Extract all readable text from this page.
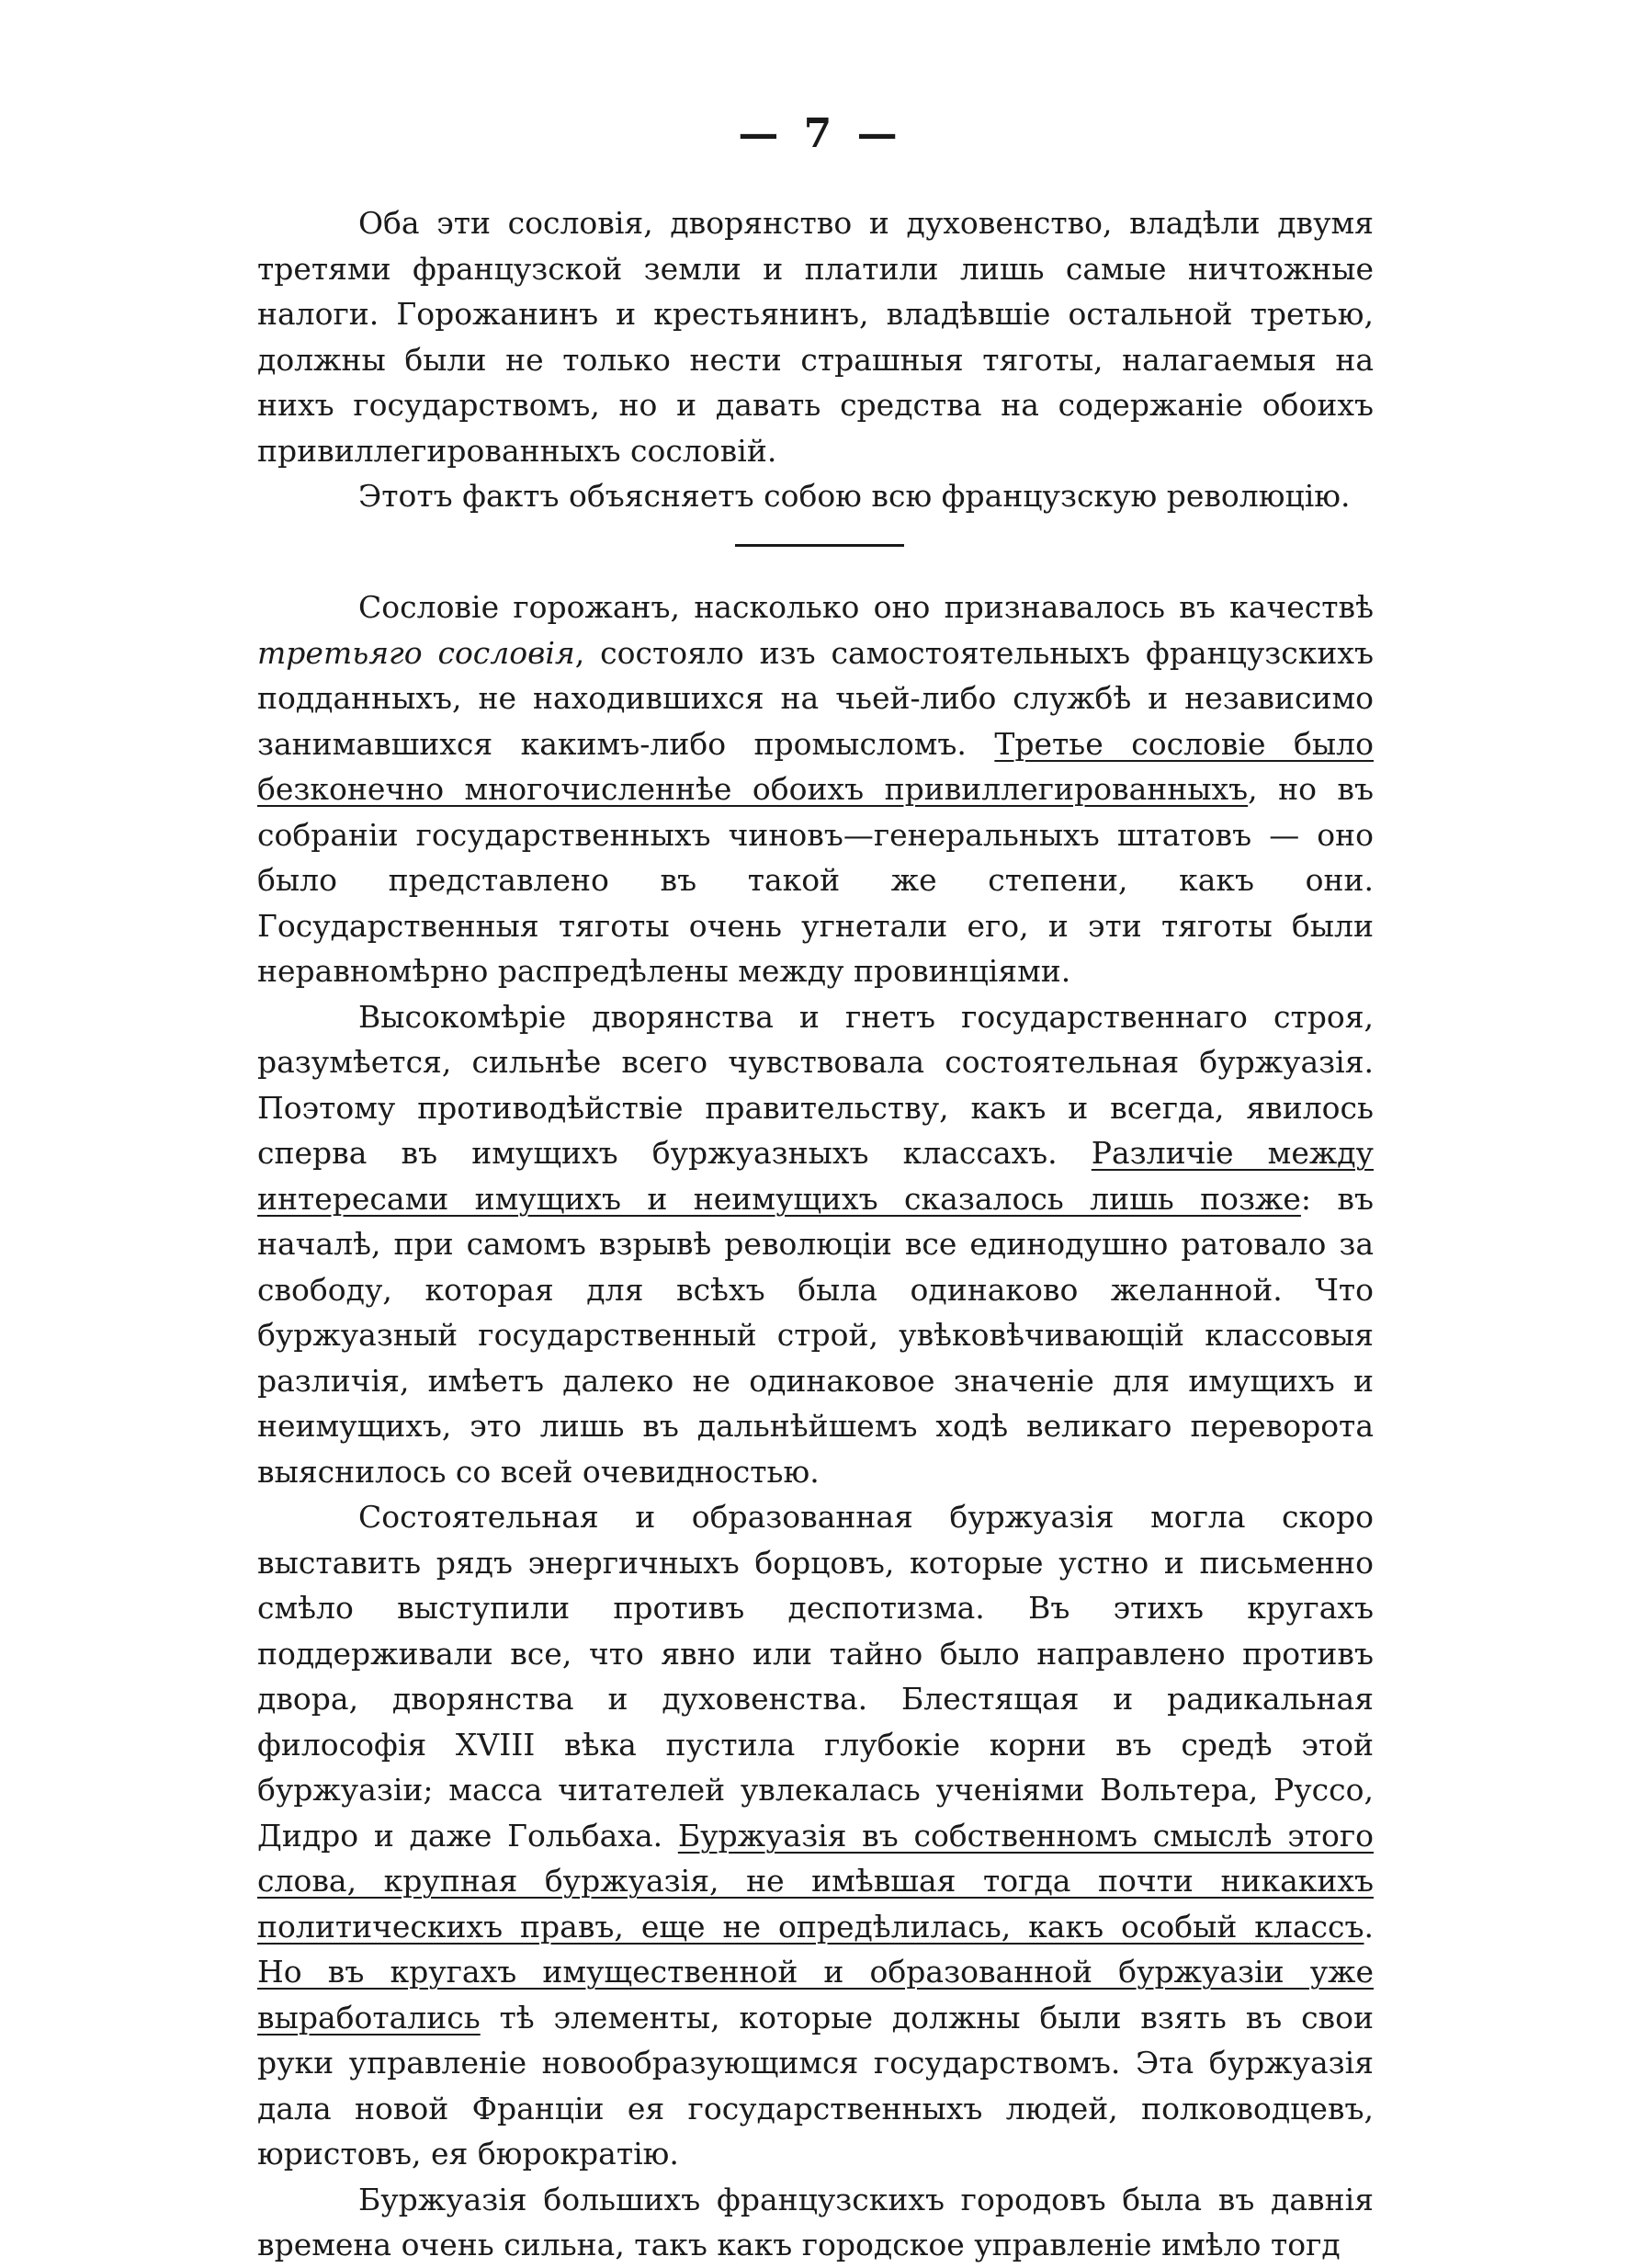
— 7 —

Оба эти сословія, дворянство и духовенство, владѣли двумя третями французской земли и платили лишь самые ничтожные налоги. Горожанинъ и крестьянинъ, владѣвшіе остальной третью, должны были не только нести страшныя тяготы, налагаемыя на нихъ государствомъ, но и давать средства на содержаніе обоихъ привиллегированныхъ сословій.

Этотъ фактъ объясняетъ собою всю французскую революцію.

Сословіе горожанъ, насколько оно признавалось въ качествѣ третьяго сословія, состояло изъ самостоятельныхъ французскихъ подданныхъ, не находившихся на чьей-либо службѣ и независимо занимавшихся какимъ-либо промысломъ. Третье сословіе было безконечно многочисленнѣе обоихъ привиллегированныхъ, но въ собраніи государственныхъ чиновъ—генеральныхъ штатовъ — оно было представлено въ такой же степени, какъ они. Государственныя тяготы очень угнетали его, и эти тяготы были неравномѣрно распредѣлены между провинціями.

Высокомѣріе дворянства и гнетъ государственнаго строя, разумѣется, сильнѣе всего чувствовала состоятельная буржуазія. Поэтому противодѣйствіе правительству, какъ и всегда, явилось сперва въ имущихъ буржуазныхъ классахъ. Различіе между интересами имущихъ и неимущихъ сказалось лишь позже: въ началѣ, при самомъ взрывѣ революціи все единодушно ратовало за свободу, которая для всѣхъ была одинаково желанной. Что буржуазный государственный строй, увѣковѣчивающій классовыя различія, имѣетъ далеко не одинаковое значеніе для имущихъ и неимущихъ, это лишь въ дальнѣйшемъ ходѣ великаго переворота выяснилось со всей очевидностью.

Состоятельная и образованная буржуазія могла скоро выставить рядъ энергичныхъ борцовъ, которые устно и письменно смѣло выступили противъ деспотизма. Въ этихъ кругахъ поддерживали все, что явно или тайно было направлено противъ двора, дворянства и духовенства. Блестящая и радикальная философія XVIII вѣка пустила глубокіе корни въ средѣ этой буржуазіи; масса читателей увлекалась ученіями Вольтера, Руссо, Дидро и даже Гольбаха. Буржуазія въ собственномъ смыслѣ этого слова, крупная буржуазія, не имѣвшая тогда почти никакихъ политическихъ правъ, еще не опредѣлилась, какъ особый классъ. Но въ кругахъ имущественной и образованной буржуазіи уже выработались тѣ элементы, которые должны были взять въ свои руки управленіе новообразующимся государствомъ. Эта буржуазія дала новой Франціи ея государственныхъ людей, полководцевъ, юристовъ, ея бюрократію.

Буржуазія большихъ французскихъ городовъ была въ давнія времена очень сильна, такъ какъ городское управленіе имѣло тогд
